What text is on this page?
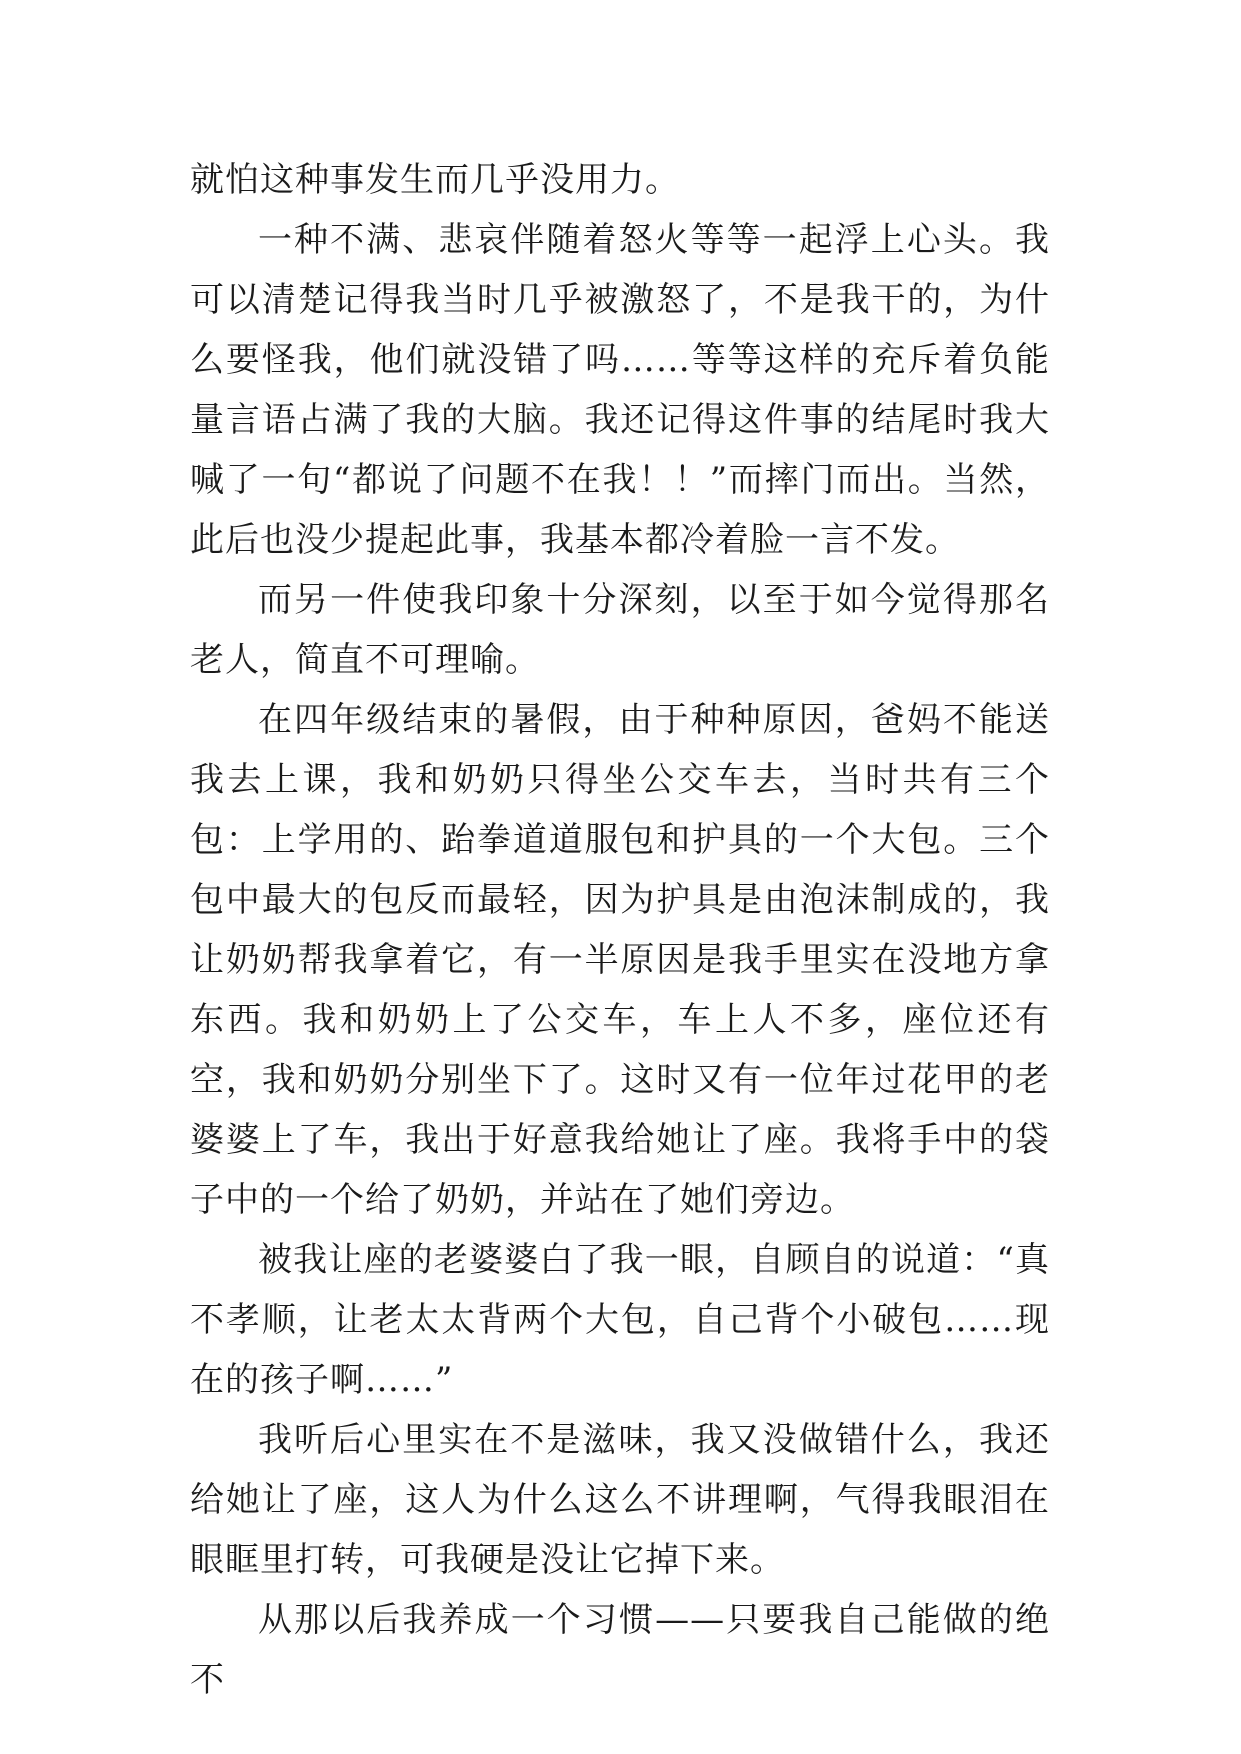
就怕这种事发生而几乎没用力。

一种不满、悲哀伴随着怒火等等一起浮上心头。我可以清楚记得我当时几乎被激怒了，不是我干的，为什么要怪我，他们就没错了吗……等等这样的充斥着负能量言语占满了我的大脑。我还记得这件事的结尾时我大喊了一句“都说了问题不在我！！”而摔门而出。当然，此后也没少提起此事，我基本都冷着脸一言不发。

而另一件使我印象十分深刻，以至于如今觉得那名老人，简直不可理喻。

在四年级结束的暑假，由于种种原因，爸妈不能送我去上课，我和奶奶只得坐公交车去，当时共有三个包：上学用的、跆拳道道服包和护具的一个大包。三个包中最大的包反而最轻，因为护具是由泡沫制成的，我让奶奶帮我拿着它，有一半原因是我手里实在没地方拿东西。我和奶奶上了公交车，车上人不多，座位还有空，我和奶奶分别坐下了。这时又有一位年过花甲的老婆婆上了车，我出于好意我给她让了座。我将手中的袋子中的一个给了奶奶，并站在了她们旁边。

被我让座的老婆婆白了我一眼，自顾自的说道：“真不孝顺，让老太太背两个大包，自己背个小破包……现在的孩子啊……”

我听后心里实在不是滋味，我又没做错什么，我还给她让了座，这人为什么这么不讲理啊，气得我眼泪在眼眶里打转，可我硬是没让它掉下来。

从那以后我养成一个习惯——只要我自己能做的绝不
